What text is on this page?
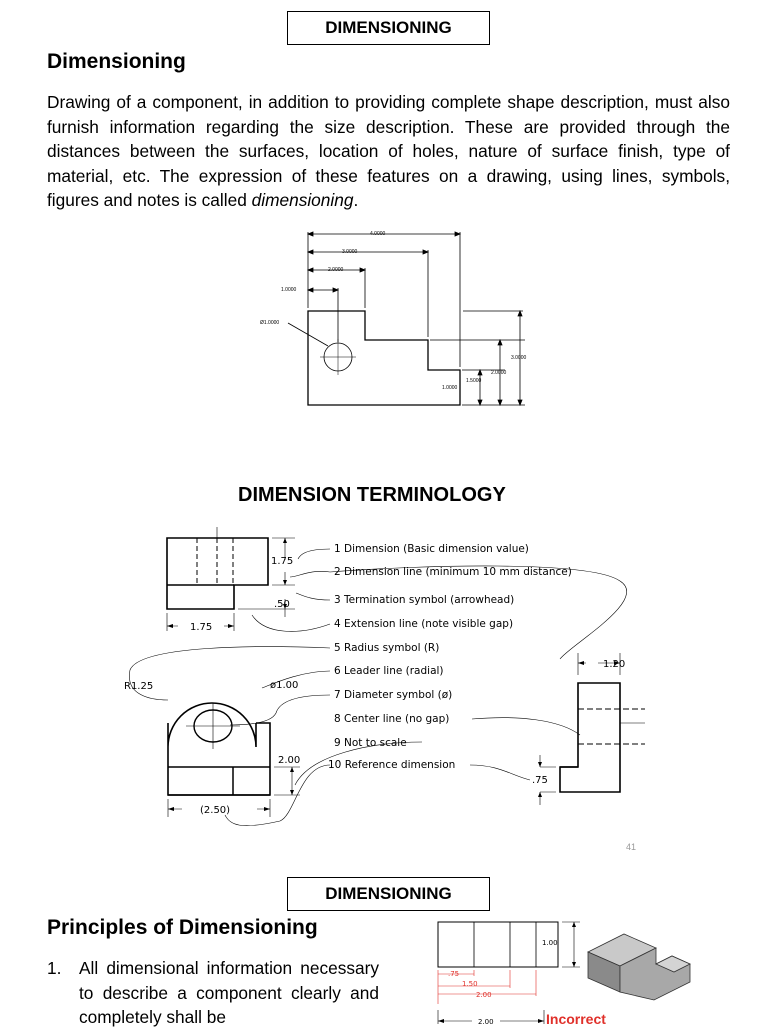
DIMENSIONING
Dimensioning
Drawing of a component, in addition to providing complete shape description, must also furnish information regarding the size description. These are provided through the distances between the surfaces, location of holes, nature of surface finish, type of material, etc. The expression of these features on a drawing, using lines, symbols, figures and notes is called dimensioning.
4.0000
3.0000
2.0000
1.0000
Ø1.0000
3.0000
2.0000
1.5000
1.0000
DIMENSION TERMINOLOGY
1.75
.50
1.75
R1.25	ø1.00
2.00
(2.50)
1.20
.75
1 Dimension (Basic dimension value)
2 Dimension line (minimum 10 mm distance)
3 Termination symbol (arrowhead)
4 Extension line (note visible gap)
5 Radius symbol (R)
6 Leader line (radial)
7 Diameter symbol (ø)
8 Center line (no gap)
9 Not to scale
10 Reference dimension
41
DIMENSIONING
Principles of Dimensioning
1. All dimensional information necessary to describe a component clearly and completely shall be
1.00
2.00
.75
1.50
2.00
Incorrect
